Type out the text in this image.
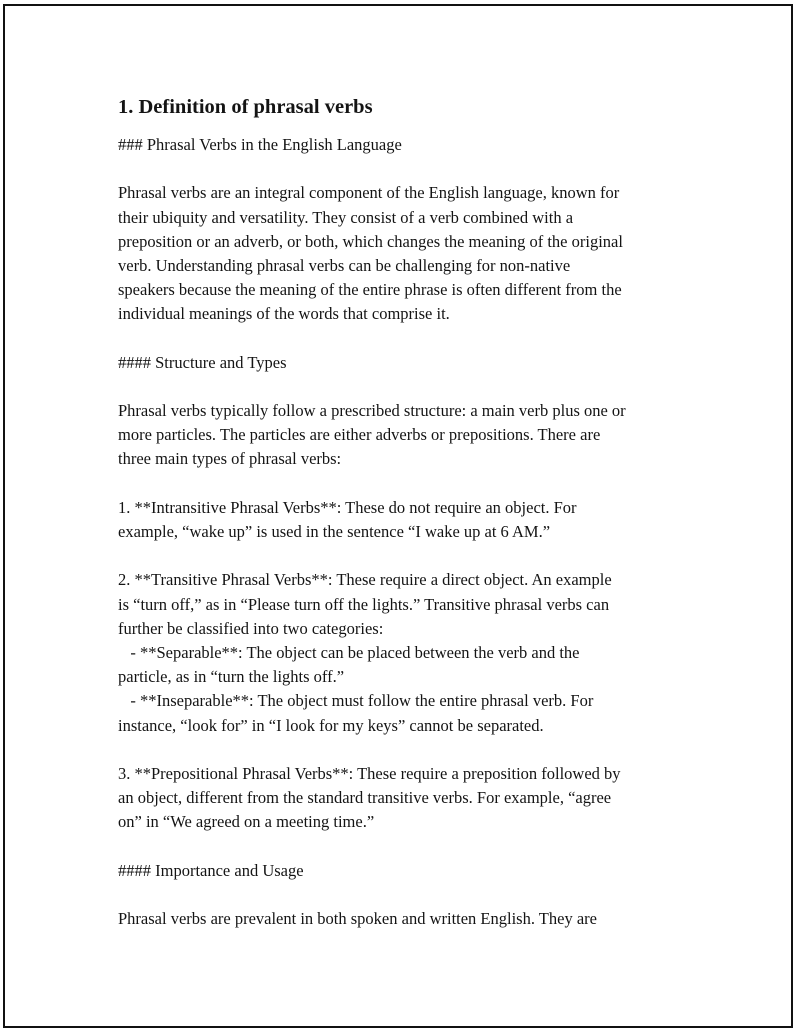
1. Definition of phrasal verbs
### Phrasal Verbs in the English Language
Phrasal verbs are an integral component of the English language, known for
their ubiquity and versatility. They consist of a verb combined with a
preposition or an adverb, or both, which changes the meaning of the original
verb. Understanding phrasal verbs can be challenging for non-native
speakers because the meaning of the entire phrase is often different from the
individual meanings of the words that comprise it.
#### Structure and Types
Phrasal verbs typically follow a prescribed structure: a main verb plus one or
more particles. The particles are either adverbs or prepositions. There are
three main types of phrasal verbs:
1. **Intransitive Phrasal Verbs**: These do not require an object. For
example, “wake up” is used in the sentence “I wake up at 6 AM.”
2. **Transitive Phrasal Verbs**: These require a direct object. An example
is “turn off,” as in “Please turn off the lights.” Transitive phrasal verbs can
further be classified into two categories:
- **Separable**: The object can be placed between the verb and the
particle, as in “turn the lights off.”
- **Inseparable**: The object must follow the entire phrasal verb. For
instance, “look for” in “I look for my keys” cannot be separated.
3. **Prepositional Phrasal Verbs**: These require a preposition followed by
an object, different from the standard transitive verbs. For example, “agree
on” in “We agreed on a meeting time.”
#### Importance and Usage
Phrasal verbs are prevalent in both spoken and written English. They are
